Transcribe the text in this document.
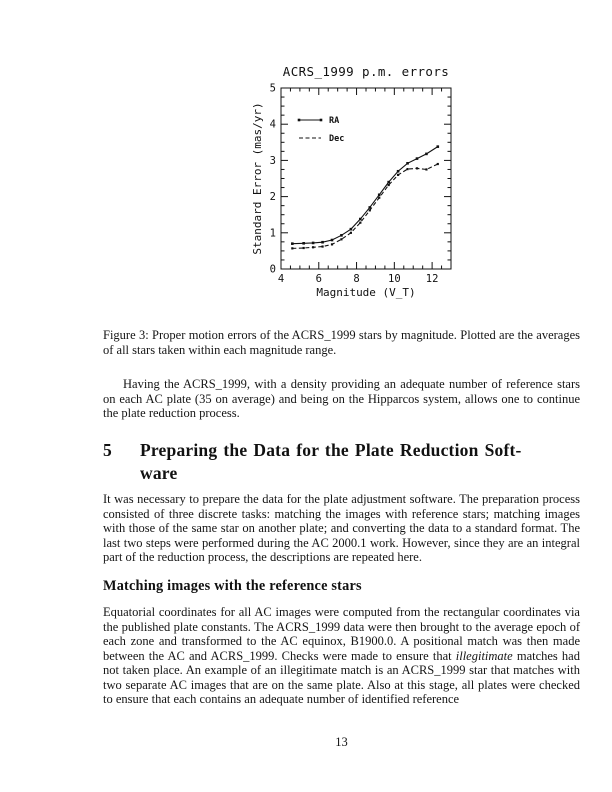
4	6	8	10 12
0
1
2
3
4
5
ACRS_1999 p.m. errors
Magnitude (V_T)
Standard Error (mas/yr)	RA
Dec
Figure 3: Proper motion errors of the ACRS_1999 stars by magnitude. Plotted are the averages of all stars taken within each magnitude range.
Having the ACRS_1999, with a density providing an adequate number of reference stars on each AC plate (35 on average) and being on the Hipparcos system, allows one to continue the plate reduction process.
5	Preparing the Data for the Plate Reduction Soft-
ware
It was necessary to prepare the data for the plate adjustment software. The preparation process consisted of three discrete tasks: matching the images with reference stars; matching images with those of the same star on another plate; and converting the data to a standard format. The last two steps were performed during the AC 2000.1 work. However, since they are an integral part of the reduction process, the descriptions are repeated here.
Matching images with the reference stars
Equatorial coordinates for all AC images were computed from the rectangular coordinates via the published plate constants. The ACRS_1999 data were then brought to the average epoch of each zone and transformed to the AC equinox, B1900.0. A positional match was then made between the AC and ACRS_1999. Checks were made to ensure that illegitimate matches had not taken place. An example of an illegitimate match is an ACRS_1999 star that matches with two separate AC images that are on the same plate. Also at this stage, all plates were checked to ensure that each contains an adequate number of identified reference
13
